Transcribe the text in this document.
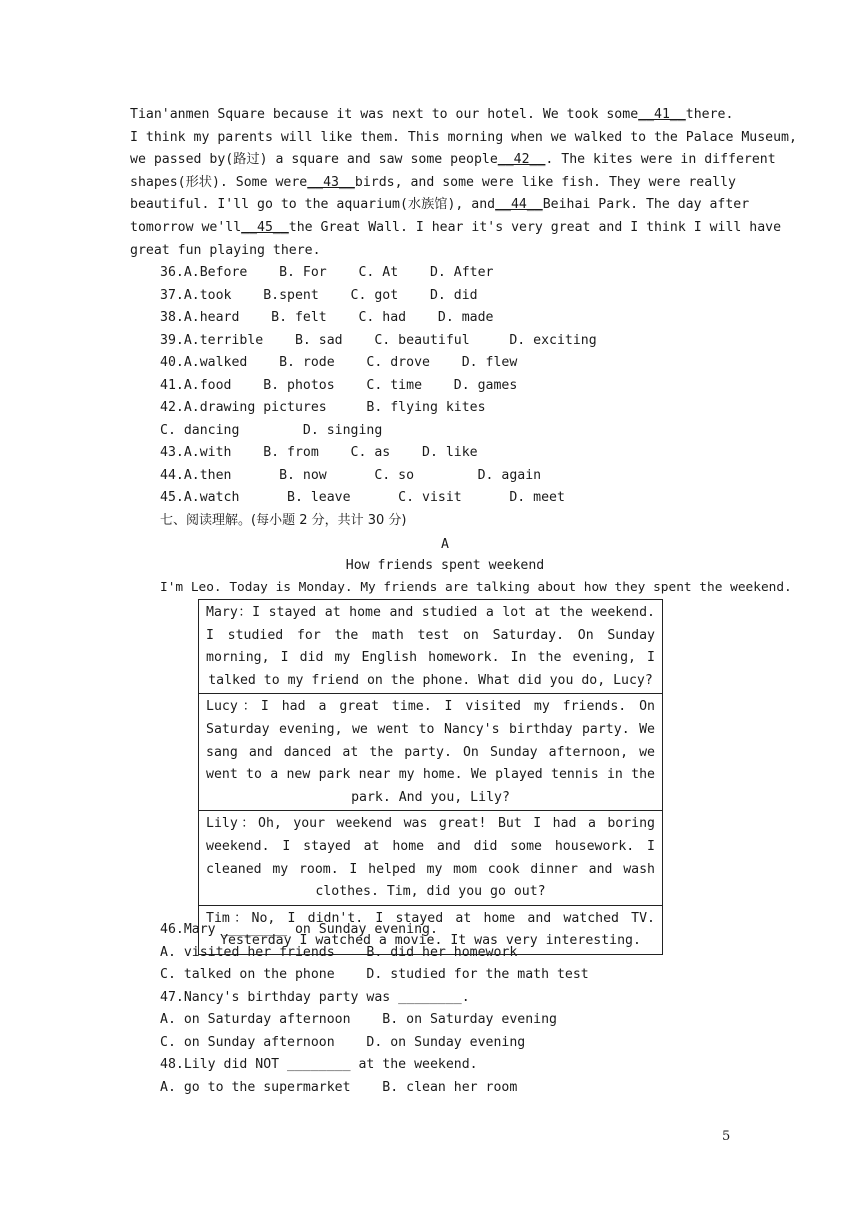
Tian'anmen Square because it was next to our hotel. We took some __41__ there.
I think my parents will like them. This morning when we walked to the Palace Museum,
we passed by(路过) a square and saw some people __42__ . The kites were in different
shapes(形状). Some were __43__ birds, and some were like fish. They were really
beautiful. I'll go to the aquarium(水族馆), and __44__ Beihai Park. The day after
tomorrow we'll __45__ the Great Wall. I hear it's very great and I think I will have
great fun playing there.
36.A.Before    B. For    C. At    D. After
37.A.took    B.spent    C. got    D. did
38.A.heard    B. felt    C. had    D. made
39.A.terrible    B. sad    C. beautiful     D. exciting
40.A.walked    B. rode    C. drove    D. flew
41.A.food    B. photos    C. time    D. games
42.A.drawing pictures     B. flying kites
C. dancing        D. singing
43.A.with    B. from    C. as    D. like
44.A.then      B. now      C. so        D. again
45.A.watch      B. leave      C. visit      D. meet
七、阅读理解。(每小题 2 分，共计 30 分)
A
How friends spent weekend
I'm Leo. Today is Monday. My friends are talking about how they spent the weekend.
Mary：I stayed at home and studied a lot at the weekend. I studied for the math test on Saturday. On Sunday morning, I did my English homework. In the evening, I talked to my friend on the phone. What did you do, Lucy?
Lucy：I had a great time. I visited my friends. On Saturday evening, we went to Nancy's birthday party. We sang and danced at the party. On Sunday afternoon, we went to a new park near my home. We played tennis in the park. And you, Lily?
Lily：Oh, your weekend was great! But I had a boring weekend. I stayed at home and did some housework. I cleaned my room. I helped my mom cook dinner and wash clothes. Tim, did you go out?
Tim：No, I didn't. I stayed at home and watched TV. Yesterday I watched a movie. It was very interesting.
46.Mary ________ on Sunday evening.
A. visited her friends    B. did her homework
C. talked on the phone    D. studied for the math test
47.Nancy's birthday party was ________.
A. on Saturday afternoon    B. on Saturday evening
C. on Sunday afternoon    D. on Sunday evening
48.Lily did NOT ________ at the weekend.
A. go to the supermarket    B. clean her room
5
